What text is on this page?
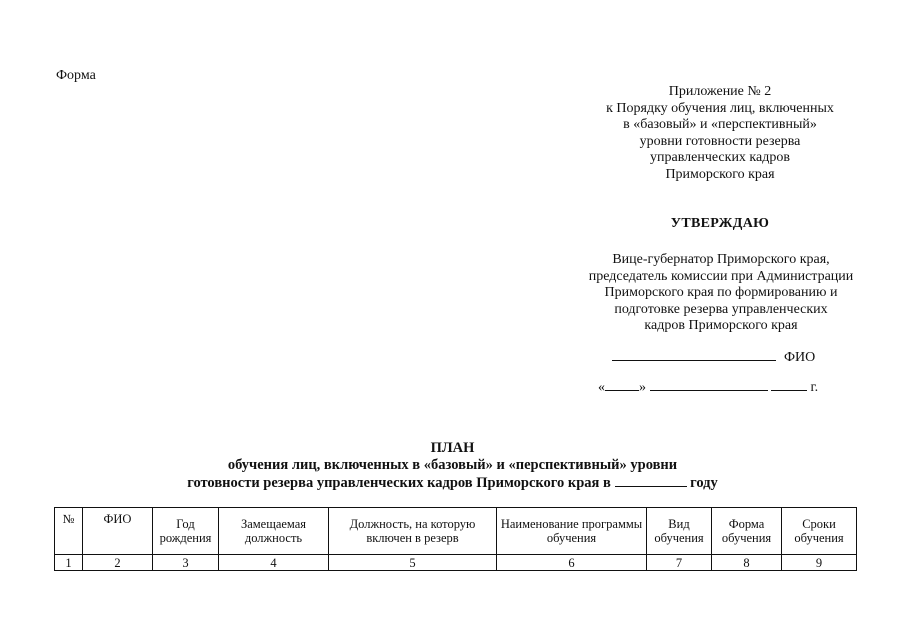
Форма
Приложение № 2
к Порядку обучения лиц, включенных
в «базовый» и «перспективный»
уровни готовности резерва
управленческих кадров
Приморского края
УТВЕРЖДАЮ
Вице-губернатор Приморского края,
председатель комиссии при Администрации
Приморского края по формированию и
подготовке резерва управленческих
кадров Приморского края
ФИО
« »	г.
ПЛАН
обучения лиц, включенных в «базовый» и «перспективный» уровни
готовности резерва управленческих кадров Приморского края в	году
№	ФИО	Год рождения	Замещаемая должность	Должность, на которую включен в резерв	Наименование программы обучения	Вид обучения	Форма обучения	Сроки обучения
1	2	3	4	5	6	7	8	9
